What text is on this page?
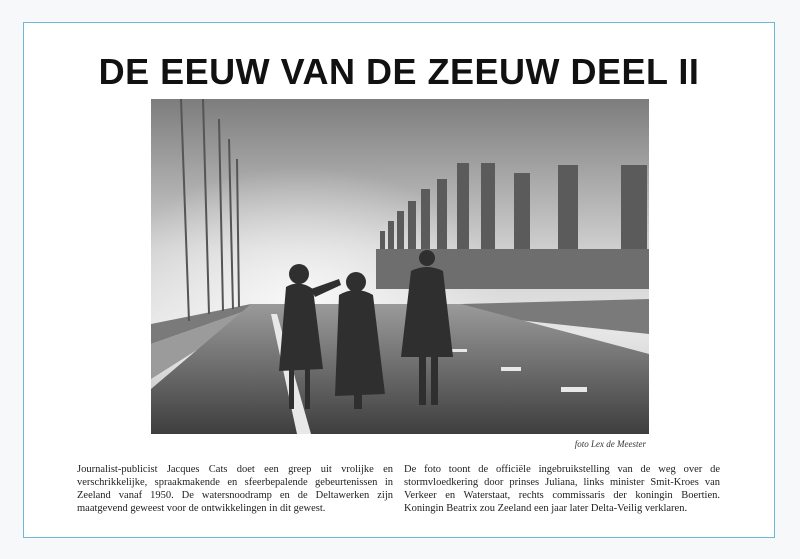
DE EEUW VAN DE ZEEUW DEEL II
foto Lex de Meester

Journalist-publicist Jacques Cats doet een greep uit vrolijke en verschrikkelijke, spraakmakende en sfeerbepalende gebeurtenissen in Zeeland vanaf 1950. De watersnoodramp en de Deltawerken zijn maatgevend geweest voor de ontwikkelingen in dit gewest.

De foto toont de officiële ingebruikstelling van de weg over de stormvloedkering door prinses Juliana, links minister Smit-Kroes van Verkeer en Waterstaat, rechts commissaris der koningin Boertien. Koningin Beatrix zou Zeeland een jaar later Delta-Veilig verklaren.
